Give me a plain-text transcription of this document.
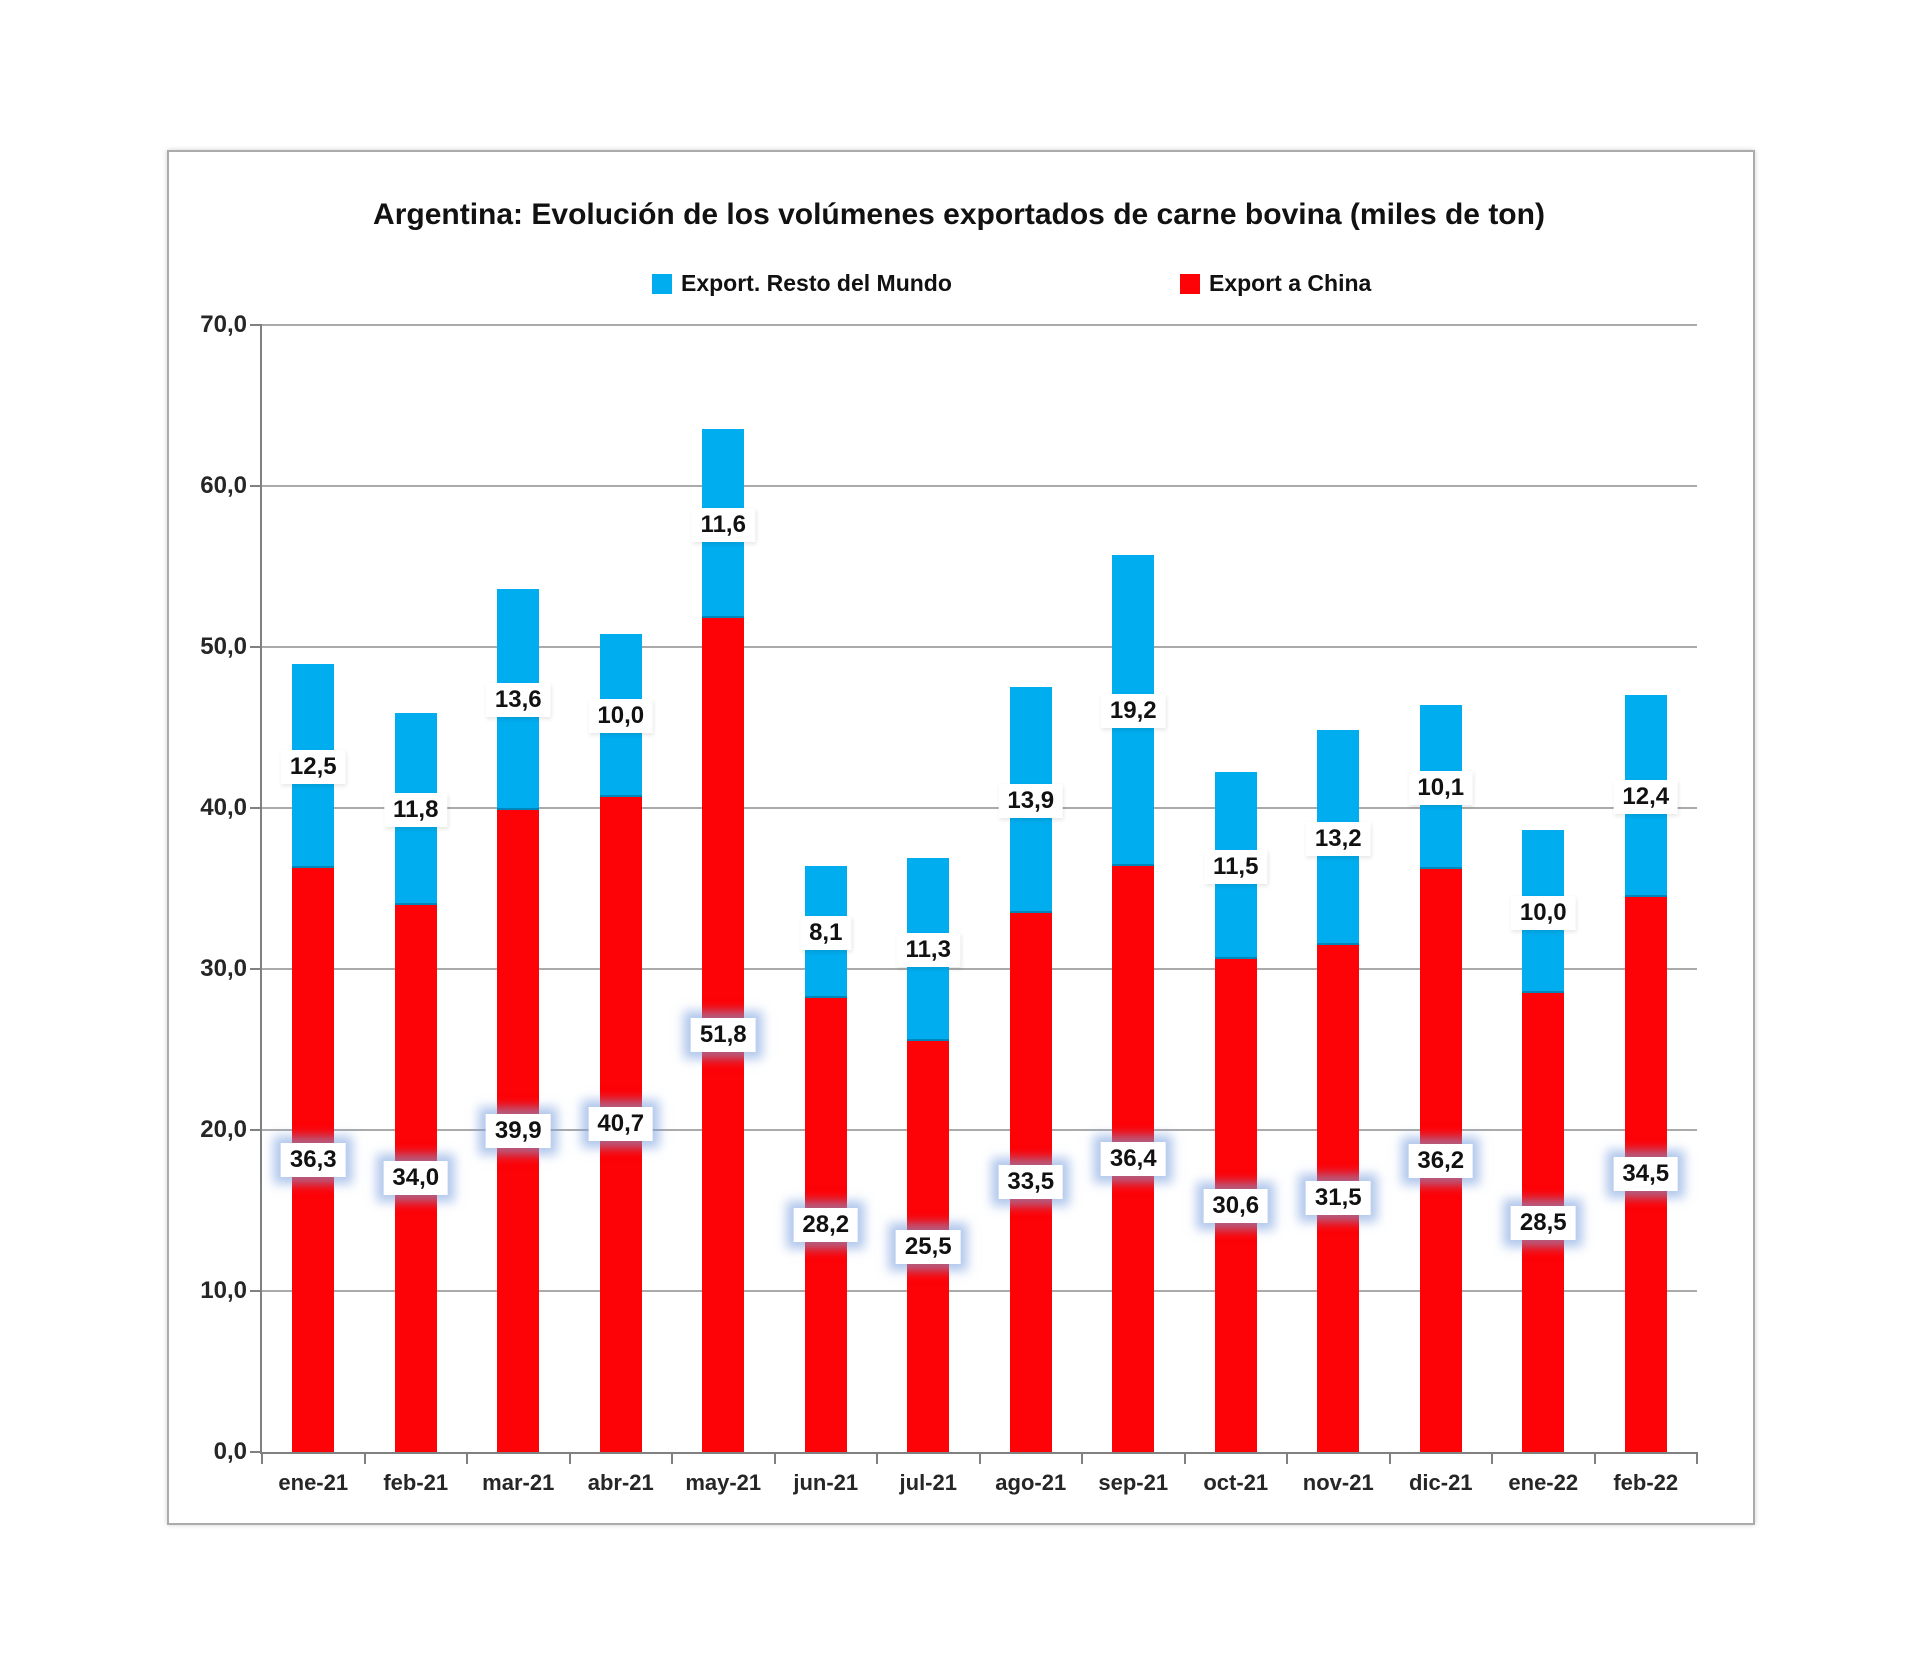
Argentina: Evolución de los volúmenes exportados de carne bovina (miles de ton)
Export. Resto del Mundo	Export a China
0,0
10,0
20,0
30,0
40,0
50,0
60,0
70,0
36,3
12,5
ene-21
34,0
11,8
feb-21
39,9
13,6
mar-21
40,7
10,0
abr-21
51,8
11,6
may-21
28,2
8,1
jun-21
25,5
11,3
jul-21
33,5
13,9
ago-21
36,4
19,2
sep-21
30,6
11,5
oct-21
31,5
13,2
nov-21
36,2
10,1
dic-21
28,5
10,0
ene-22
34,5
12,4
feb-22
